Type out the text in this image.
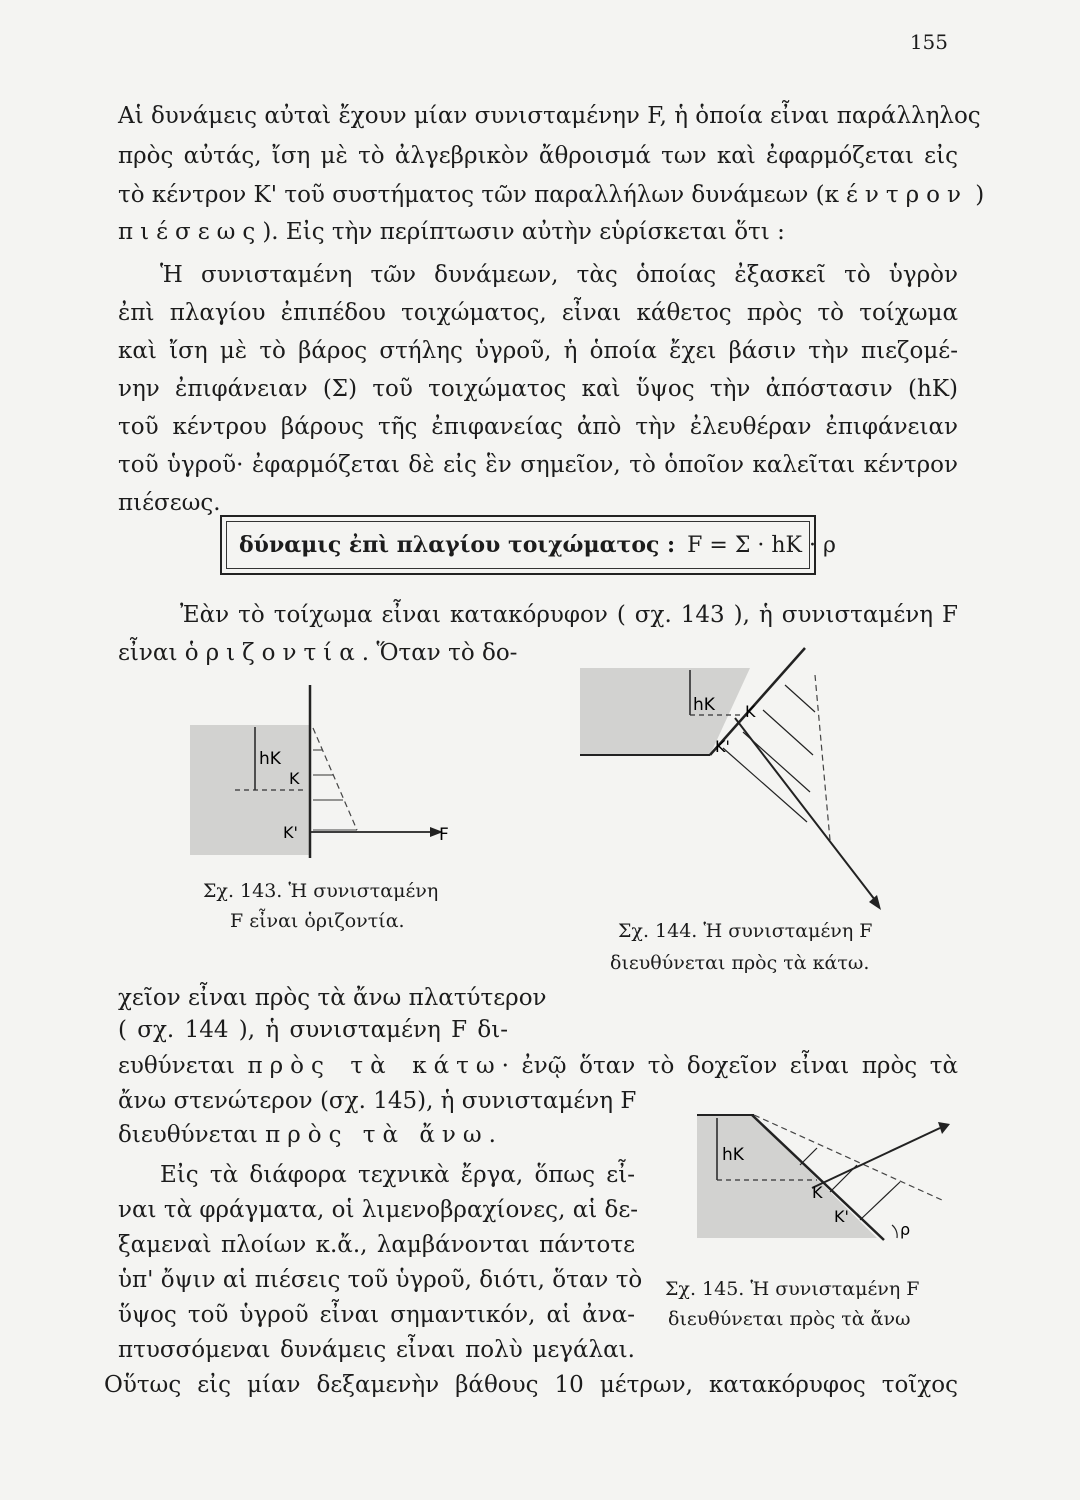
155
Αἱ δυνάμεις αὐταὶ ἔχουν μίαν συνισταμένην F, ἡ ὁποία εἶναι παράλληλος
πρὸς αὐτάς, ἴση μὲ τὸ ἀλγεβρικὸν ἄθροισμά των καὶ ἐφαρμόζεται εἰς
τὸ κέντρον Κ' τοῦ συστήματος τῶν παραλλήλων δυνάμεων (κέντρον )
πιέσεως). Εἰς τὴν περίπτωσιν αὐτὴν εὑρίσκεται ὅτι :
Ἡ συνισταμένη τῶν δυνάμεων, τὰς ὁποίας ἐξασκεῖ τὸ ὑγρὸν
ἐπὶ πλαγίου ἐπιπέδου τοιχώματος, εἶναι κάθετος πρὸς τὸ τοίχωμα
καὶ ἴση μὲ τὸ βάρος στήλης ὑγροῦ, ἡ ὁποία ἔχει βάσιν τὴν πιεζομέ-
νην ἐπιφάνειαν (Σ) τοῦ τοιχώματος καὶ ὕψος τὴν ἀπόστασιν (hK)
τοῦ κέντρου βάρους τῆς ἐπιφανείας ἀπὸ τὴν ἐλευθέραν ἐπιφάνειαν
τοῦ ὑγροῦ· ἐφαρμόζεται δὲ εἰς ἓν σημεῖον, τὸ ὁποῖον καλεῖται κέντρον
πιέσεως.
δύναμις ἐπὶ πλαγίου τοιχώματος : F = Σ · hK · ρ
Ἐὰν τὸ τοίχωμα εἶναι κατακόρυφον ( σχ. 143 ), ἡ συνισταμένη F
εἶναι ὁριζοντία. Ὅταν τὸ δο-
hK
K
K'	F
Σχ. 143. Ἡ συνισταμένη
F εἶναι ὁριζοντία.
hK K
K'
Σχ. 144. Ἡ συνισταμένη F
διευθύνεται πρὸς τὰ κάτω.
χεῖον εἶναι πρὸς τὰ ἄνω πλατύτερον
( σχ. 144 ), ἡ συνισταμένη F δι-
ευθύνεται πρὸς τὰ κάτω· ἐνῷ ὅταν τὸ δοχεῖον εἶναι πρὸς τὰ
ἄνω στενώτερον (σχ. 145), ἡ συνισταμένη F
διευθύνεται πρὸς τὰ ἄνω.
Εἰς τὰ διάφορα τεχνικὰ ἔργα, ὅπως εἶ-
ναι τὰ φράγματα, οἱ λιμενοβραχίονες, αἱ δε-
ξαμεναὶ πλοίων κ.ἄ., λαμβάνονται πάντοτε
ὑπ' ὄψιν αἱ πιέσεις τοῦ ὑγροῦ, διότι, ὅταν τὸ
ὕψος τοῦ ὑγροῦ εἶναι σημαντικόν, αἱ ἀνα-
πτυσσόμεναι δυνάμεις εἶναι πολὺ μεγάλαι.
Οὕτως εἰς μίαν δεξαμενὴν βάθους 10 μέτρων, κατακόρυφος τοῖχος
hK
K
K'
ρ
Σχ. 145. Ἡ συνισταμένη F
διευθύνεται πρὸς τὰ ἄνω
